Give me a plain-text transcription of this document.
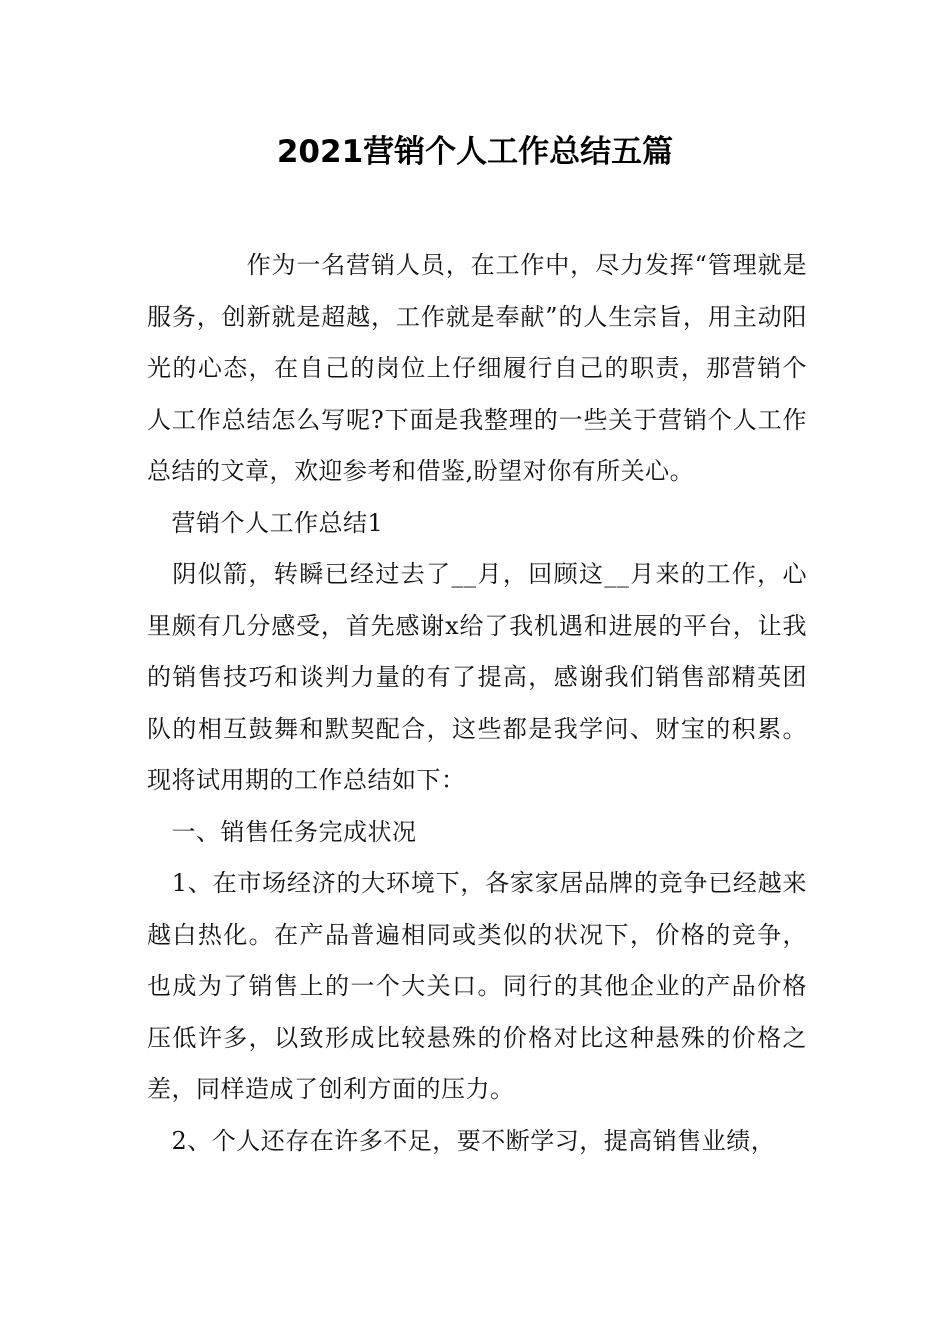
2021营销个人工作总结五篇

　　　　作为一名营销人员，在工作中，尽力发挥“管理就是服务，创新就是超越，工作就是奉献”的人生宗旨，用主动阳光的心态，在自己的岗位上仔细履行自己的职责，那营销个人工作总结怎么写呢?下面是我整理的一些关于营销个人工作总结的文章，欢迎参考和借鉴,盼望对你有所关心。

　营销个人工作总结1

　阴似箭，转瞬已经过去了__月，回顾这__月来的工作，心里颇有几分感受，首先感谢x给了我机遇和进展的平台，让我的销售技巧和谈判力量的有了提高，感谢我们销售部精英团队的相互鼓舞和默契配合，这些都是我学问、财宝的积累。现将试用期的工作总结如下：

　一、销售任务完成状况

　1、在市场经济的大环境下，各家家居品牌的竞争已经越来越白热化。在产品普遍相同或类似的状况下，价格的竞争，也成为了销售上的一个大关口。同行的其他企业的产品价格压低许多，以致形成比较悬殊的价格对比这种悬殊的价格之差，同样造成了创利方面的压力。

　2、个人还存在许多不足，要不断学习，提高销售业绩，
